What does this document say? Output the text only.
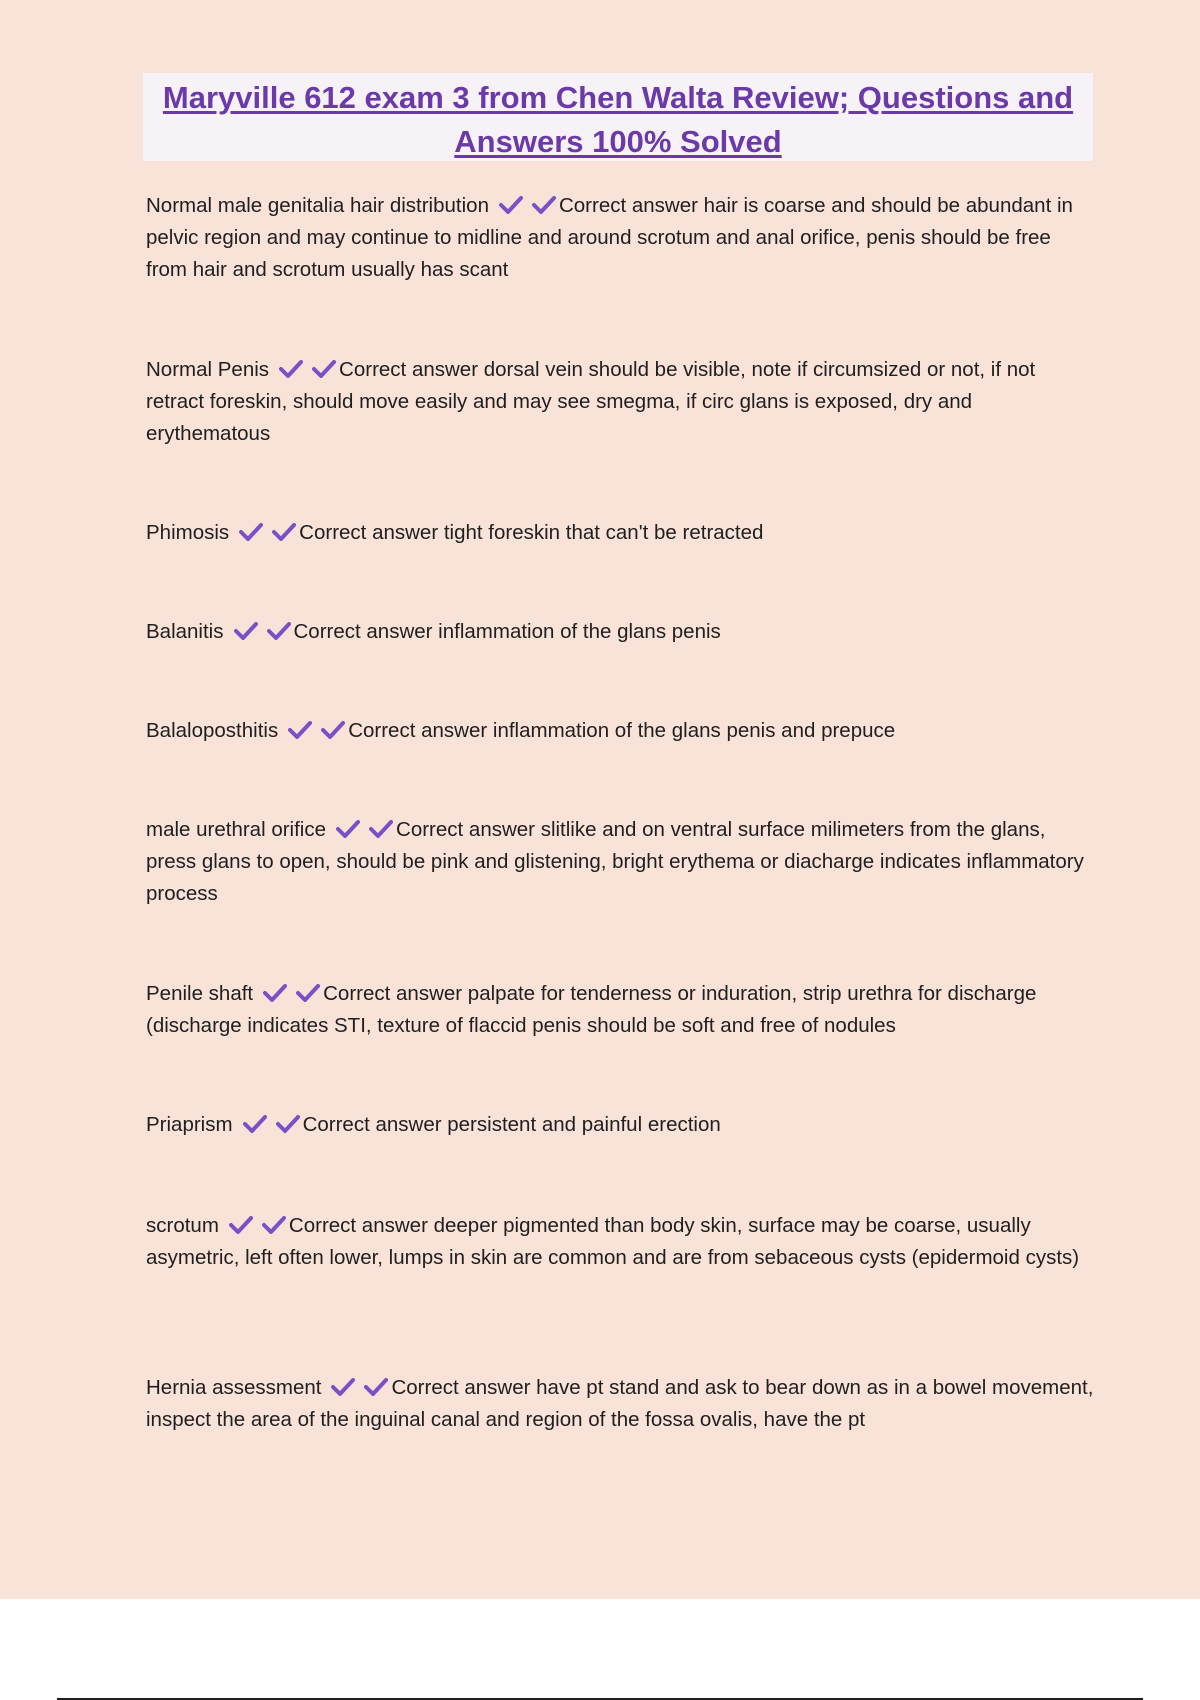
Maryville 612 exam 3 from Chen Walta Review; Questions and Answers 100% Solved

Normal male genitalia hair distribution	Correct answer hair is coarse and should be abundant in pelvic region and may continue to midline and around scrotum and anal orifice, penis should be free from hair and scrotum usually has scant

Normal Penis	Correct answer dorsal vein should be visible, note if circumsized or not, if not retract foreskin, should move easily and may see smegma, if circ glans is exposed, dry and erythematous

Phimosis	Correct answer tight foreskin that can't be retracted

Balanitis	Correct answer inflammation of the glans penis

Balaloposthitis	Correct answer inflammation of the glans penis and prepuce

male urethral orifice	Correct answer slitlike and on ventral surface milimeters from the glans, press glans to open, should be pink and glistening, bright erythema or diacharge indicates inflammatory process

Penile shaft	Correct answer palpate for tenderness or induration, strip urethra for discharge (discharge indicates STI, texture of flaccid penis should be soft and free of nodules

Priaprism	Correct answer persistent and painful erection

scrotum	Correct answer deeper pigmented than body skin, surface may be coarse, usually asymetric, left often lower, lumps in skin are common and are from sebaceous cysts (epidermoid cysts)

Hernia assessment	Correct answer have pt stand and ask to bear down as in a bowel movement, inspect the area of the inguinal canal and region of the fossa ovalis, have the pt
